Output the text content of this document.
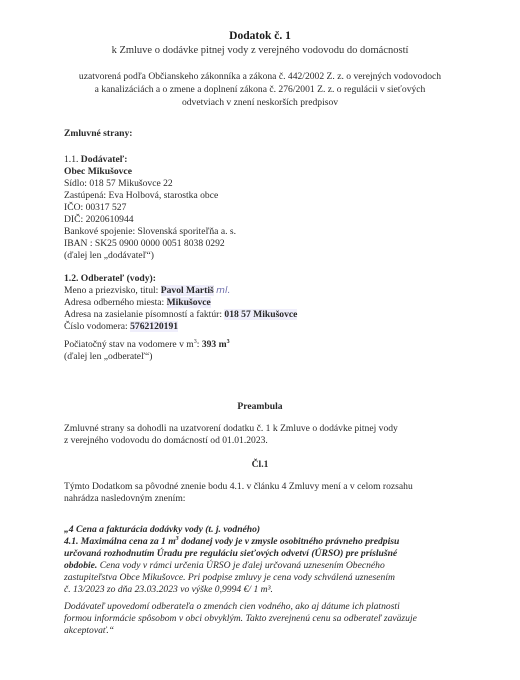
Dodatok č. 1
k Zmluve o dodávke pitnej vody z verejného vodovodu do domácností
uzatvorená podľa Občianskeho zákonníka a zákona č. 442/2002 Z. z. o verejných vodovodoch
a kanalizáciách a o zmene a doplnení zákona č. 276/2001 Z. z. o regulácii v sieťových
odvetviach v znení neskorších predpisov
Zmluvné strany:
1.1. Dodávateľ:
Obec Mikušovce
Sídlo: 018 57 Mikušovce 22
Zastúpená: Eva Holbová, starostka obce
IČO: 00317 527
DIČ: 2020610944
Bankové spojenie: Slovenská sporiteľňa a. s.
IBAN : SK25 0900 0000 0051 8038 0292
(ďalej len „dodávateľ“)
1.2. Odberateľ (vody):
Meno a priezvisko, titul: Pavol Martiš ml.
Adresa odberného miesta: Mikušovce
Adresa na zasielanie písomností a faktúr: 018 57 Mikušovce
Číslo vodomera: 5762120191
Počiatočný stav na vodomere v $m^3$: 393 $m^3$
(ďalej len „odberateľ“)
Preambula
Zmluvné strany sa dohodli na uzatvorení dodatku č. 1 k Zmluve o dodávke pitnej vody
z verejného vodovodu do domácností od 01.01.2023.
Čl.1
Týmto Dodatkom sa pôvodné znenie bodu 4.1. v článku 4 Zmluvy mení a v celom rozsahu
nahrádza nasledovným znením:
„4 Cena a fakturácia dodávky vody (t. j. vodného)
4.1. Maximálna cena za 1 $m^3$ dodanej vody je v zmysle osobitného právneho predpisu
určovaná rozhodnutím Úradu pre reguláciu sieťových odvetví (ÚRSO) pre príslušné
obdobie. Cena vody v rámci určenia ÚRSO je ďalej určovaná uznesením Obecného
zastupiteľstva Obce Mikušovce. Pri podpise zmluvy je cena vody schválená uznesením
č. 13/2023 zo dňa 23.03.2023 vo výške 0,9994 €/ 1 m³.
Dodávateľ upovedomí odberateľa o zmenách cien vodného, ako aj dátume ich platnosti
formou informácie spôsobom v obci obvyklým. Takto zverejnenú cenu sa odberateľ zaväzuje
akceptovať.“
